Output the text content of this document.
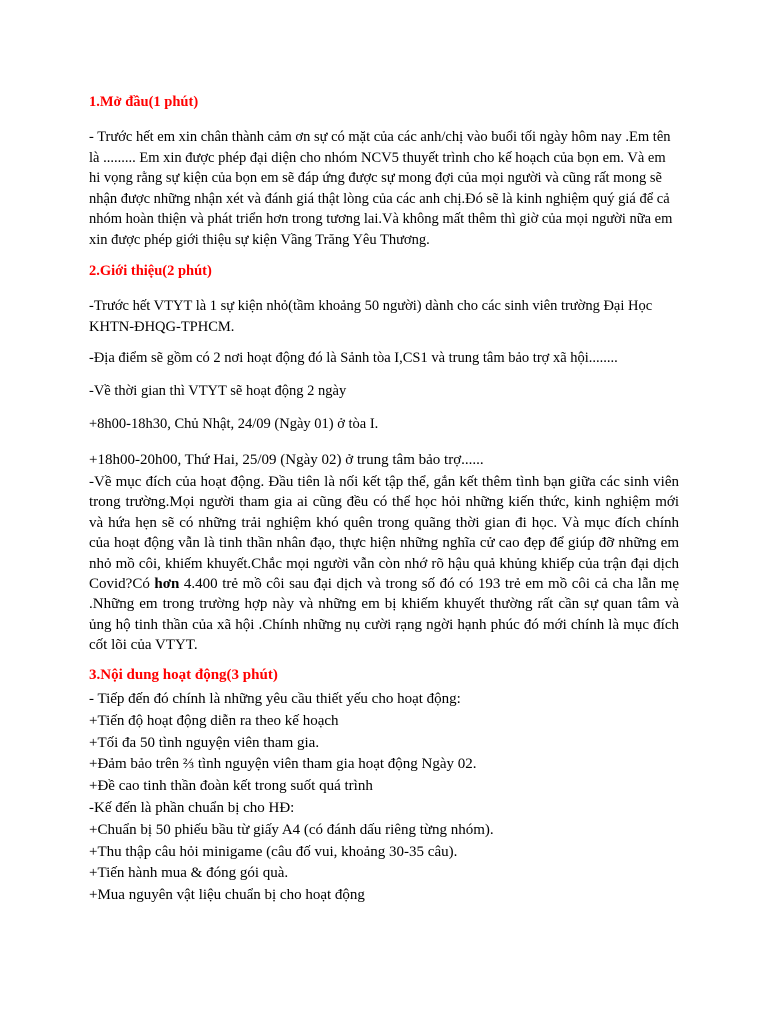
1.Mở đầu(1 phút)

- Trước hết em xin chân thành cảm ơn sự có mặt của các anh/chị vào buổi tối ngày hôm nay .Em tên là ......... Em xin được phép đại diện cho nhóm NCV5 thuyết trình cho kế hoạch của bọn em. Và em hi vọng rằng sự kiện của bọn em sẽ đáp ứng được sự mong đợi của mọi người và cũng rất mong sẽ nhận được những nhận xét và đánh giá thật lòng của các anh chị.Đó sẽ là kinh nghiệm quý giá để cả nhóm hoàn thiện và phát triển hơn trong tương lai.Và không mất thêm thì giờ của mọi người nữa em xin được phép giới thiệu sự kiện Vầng Trăng Yêu Thương.

2.Giới thiệu(2 phút)

-Trước hết VTYT là 1 sự kiện nhỏ(tầm khoảng 50 người) dành cho các sinh viên trường Đại Học KHTN-ĐHQG-TPHCM.

-Địa điểm sẽ gồm có 2 nơi hoạt động đó là Sảnh tòa I,CS1 và trung tâm bảo trợ xã hội........

-Về thời gian thì VTYT sẽ hoạt động 2 ngày

+8h00-18h30, Chủ Nhật, 24/09 (Ngày 01) ở tòa I.

+18h00-20h00, Thứ Hai, 25/09 (Ngày 02) ở trung tâm bảo trợ......

-Về mục đích của hoạt động. Đầu tiên là nối kết tập thể, gắn kết thêm tình bạn giữa các sinh viên trong trường.Mọi người tham gia ai cũng đều có thể học hỏi những kiến thức, kinh nghiệm mới và hứa hẹn sẽ có những trải nghiệm khó quên trong quãng thời gian đi học. Và mục đích chính của hoạt động vẫn là tinh thần nhân đạo, thực hiện những nghĩa cử cao đẹp để giúp đỡ những em nhỏ mồ côi, khiếm khuyết.Chắc mọi người vẫn còn nhớ rõ hậu quả khủng khiếp của trận đại dịch Covid?Có hơn 4.400 trẻ mồ côi sau đại dịch và trong số đó có 193 trẻ em mồ côi cả cha lẫn mẹ .Những em trong trường hợp này và những em bị khiếm khuyết thường rất cần sự quan tâm và ủng hộ tinh thần của xã hội .Chính những nụ cười rạng ngời hạnh phúc đó mới chính là mục đích cốt lõi của VTYT.

3.Nội dung hoạt động(3 phút)
- Tiếp đến đó chính là những yêu cầu thiết yếu cho hoạt động:
+Tiến độ hoạt động diễn ra theo kế hoạch
+Tối đa 50 tình nguyện viên tham gia.
+Đảm bảo trên ⅔ tình nguyện viên tham gia hoạt động Ngày 02.
+Đề cao tinh thần đoàn kết trong suốt quá trình
-Kế đến là phần chuẩn bị cho HĐ:
+Chuẩn bị 50 phiếu bầu từ giấy A4 (có đánh dấu riêng từng nhóm).
+Thu thập câu hỏi minigame (câu đố vui, khoảng 30-35 câu).
+Tiến hành mua & đóng gói quà.
+Mua nguyên vật liệu chuẩn bị cho hoạt động
